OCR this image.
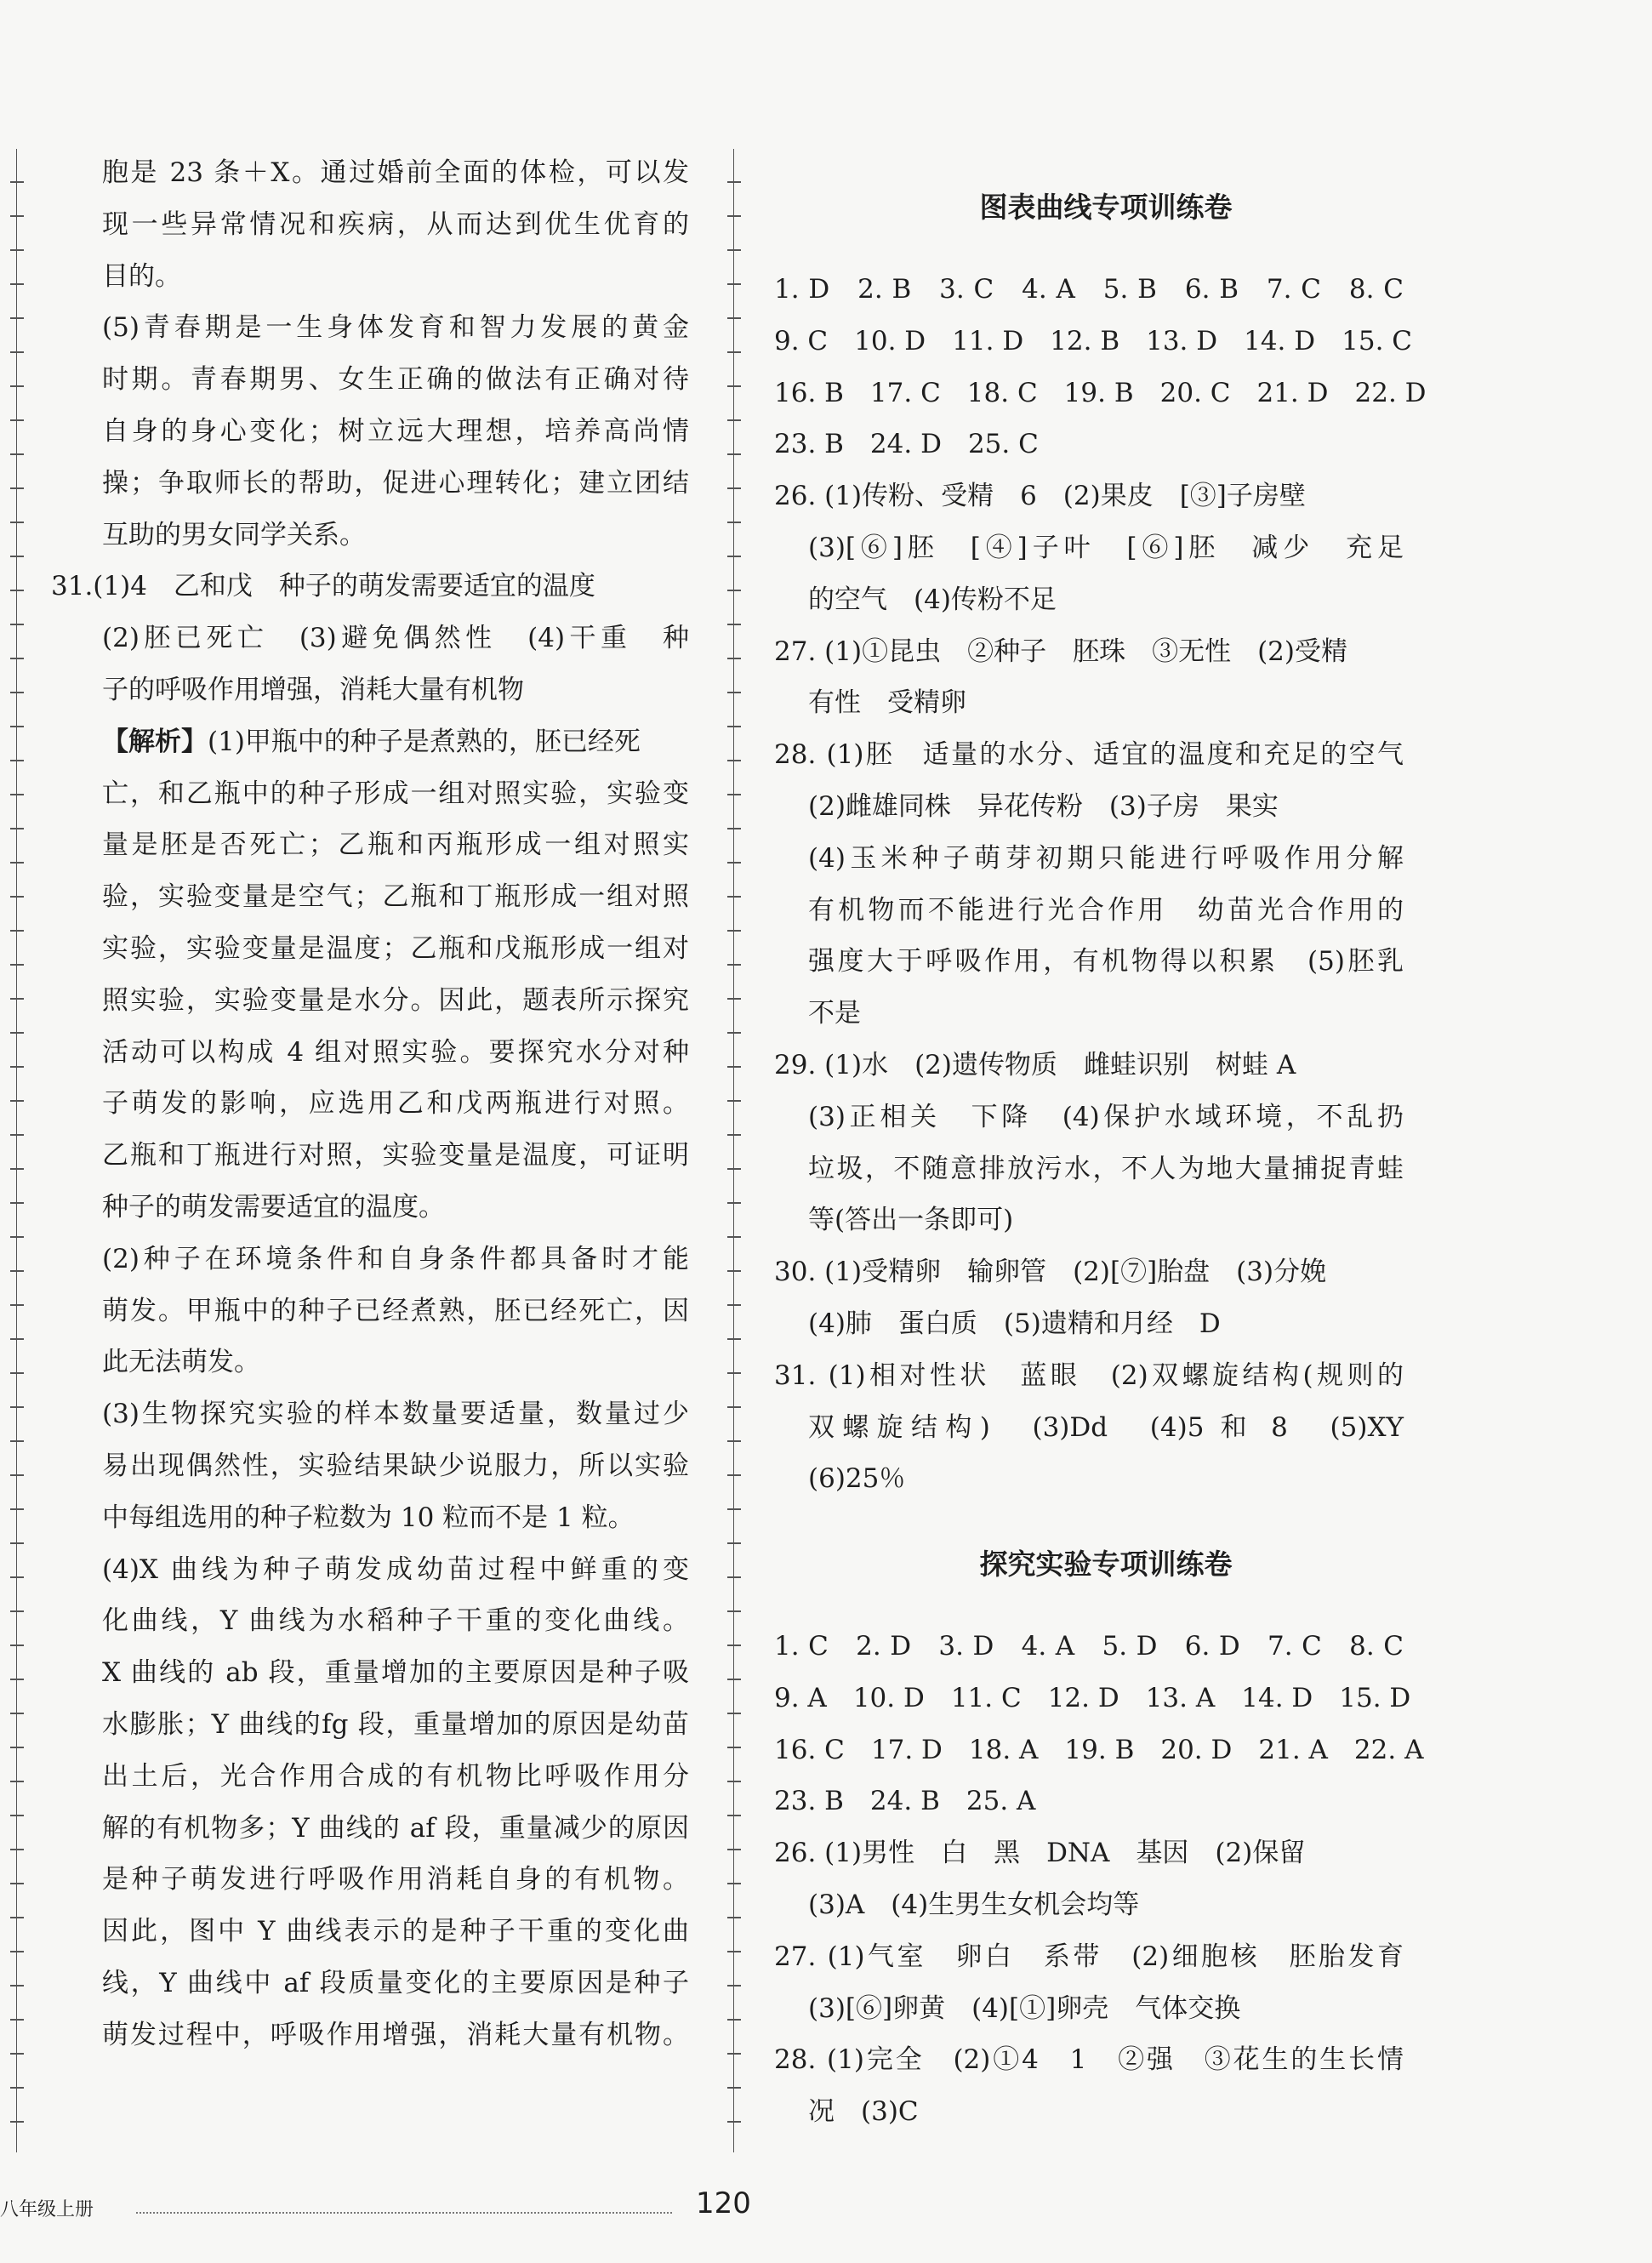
胞是 23 条＋X。通过婚前全面的体检，可以发
现一些异常情况和疾病，从而达到优生优育的
目的。
(5)青春期是一生身体发育和智力发展的黄金
时期。青春期男、女生正确的做法有正确对待
自身的身心变化；树立远大理想，培养高尚情
操；争取师长的帮助，促进心理转化；建立团结
互助的男女同学关系。
31.(1)4　乙和戊　种子的萌发需要适宜的温度
(2)胚已死亡　(3)避免偶然性　(4)干重　种
子的呼吸作用增强，消耗大量有机物
【解析】(1)甲瓶中的种子是煮熟的，胚已经死
亡，和乙瓶中的种子形成一组对照实验，实验变
量是胚是否死亡；乙瓶和丙瓶形成一组对照实
验，实验变量是空气；乙瓶和丁瓶形成一组对照
实验，实验变量是温度；乙瓶和戊瓶形成一组对
照实验，实验变量是水分。因此，题表所示探究
活动可以构成 4 组对照实验。要探究水分对种
子萌发的影响，应选用乙和戊两瓶进行对照。
乙瓶和丁瓶进行对照，实验变量是温度，可证明
种子的萌发需要适宜的温度。
(2)种子在环境条件和自身条件都具备时才能
萌发。甲瓶中的种子已经煮熟，胚已经死亡，因
此无法萌发。
(3)生物探究实验的样本数量要适量，数量过少
易出现偶然性，实验结果缺少说服力，所以实验
中每组选用的种子粒数为 10 粒而不是 1 粒。
(4)X 曲线为种子萌发成幼苗过程中鲜重的变
化曲线，Y 曲线为水稻种子干重的变化曲线。
X 曲线的 ab 段，重量增加的主要原因是种子吸
水膨胀；Y 曲线的fg 段，重量增加的原因是幼苗
出土后，光合作用合成的有机物比呼吸作用分
解的有机物多；Y 曲线的 af 段，重量减少的原因
是种子萌发进行呼吸作用消耗自身的有机物。
因此，图中 Y 曲线表示的是种子干重的变化曲
线，Y 曲线中 af 段质量变化的主要原因是种子
萌发过程中，呼吸作用增强，消耗大量有机物。
图表曲线专项训练卷
探究实验专项训练卷
1. D　2. B　3. C　4. A　5. B　6. B　7. C　8. C
9. C　10. D　11. D　12. B　13. D　14. D　15. C
16. B　17. C　18. C　19. B　20. C　21. D　22. D
23. B　24. D　25. C
26. (1)传粉、受精　6　(2)果皮　[③]子房壁
(3)[⑥]胚　[④]子叶　[⑥]胚　减少　充足
的空气　(4)传粉不足
27. (1)①昆虫　②种子　胚珠　③无性　(2)受精
有性　受精卵
28. (1)胚　适量的水分、适宜的温度和充足的空气
(2)雌雄同株　异花传粉　(3)子房　果实
(4)玉米种子萌芽初期只能进行呼吸作用分解
有机物而不能进行光合作用　幼苗光合作用的
强度大于呼吸作用，有机物得以积累　(5)胚乳
不是
29. (1)水　(2)遗传物质　雌蛙识别　树蛙 A
(3)正相关　下降　(4)保护水域环境，不乱扔
垃圾，不随意排放污水，不人为地大量捕捉青蛙
等(答出一条即可)
30. (1)受精卵　输卵管　(2)[⑦]胎盘　(3)分娩
(4)肺　蛋白质　(5)遗精和月经　D
31. (1)相对性状　蓝眼　(2)双螺旋结构(规则的
双螺旋结构)　(3)Dd　(4)5 和 8　(5)XY
(6)25％
1. C　2. D　3. D　4. A　5. D　6. D　7. C　8. C
9. A　10. D　11. C　12. D　13. A　14. D　15. D
16. C　17. D　18. A　19. B　20. D　21. A　22. A
23. B　24. B　25. A
26. (1)男性　白　黑　DNA　基因　(2)保留
(3)A　(4)生男生女机会均等
27. (1)气室　卵白　系带　(2)细胞核　胚胎发育
(3)[⑥]卵黄　(4)[①]卵壳　气体交换
28. (1)完全　(2)①4　1　②强　③花生的生长情
况　(3)C
八年级上册	120
